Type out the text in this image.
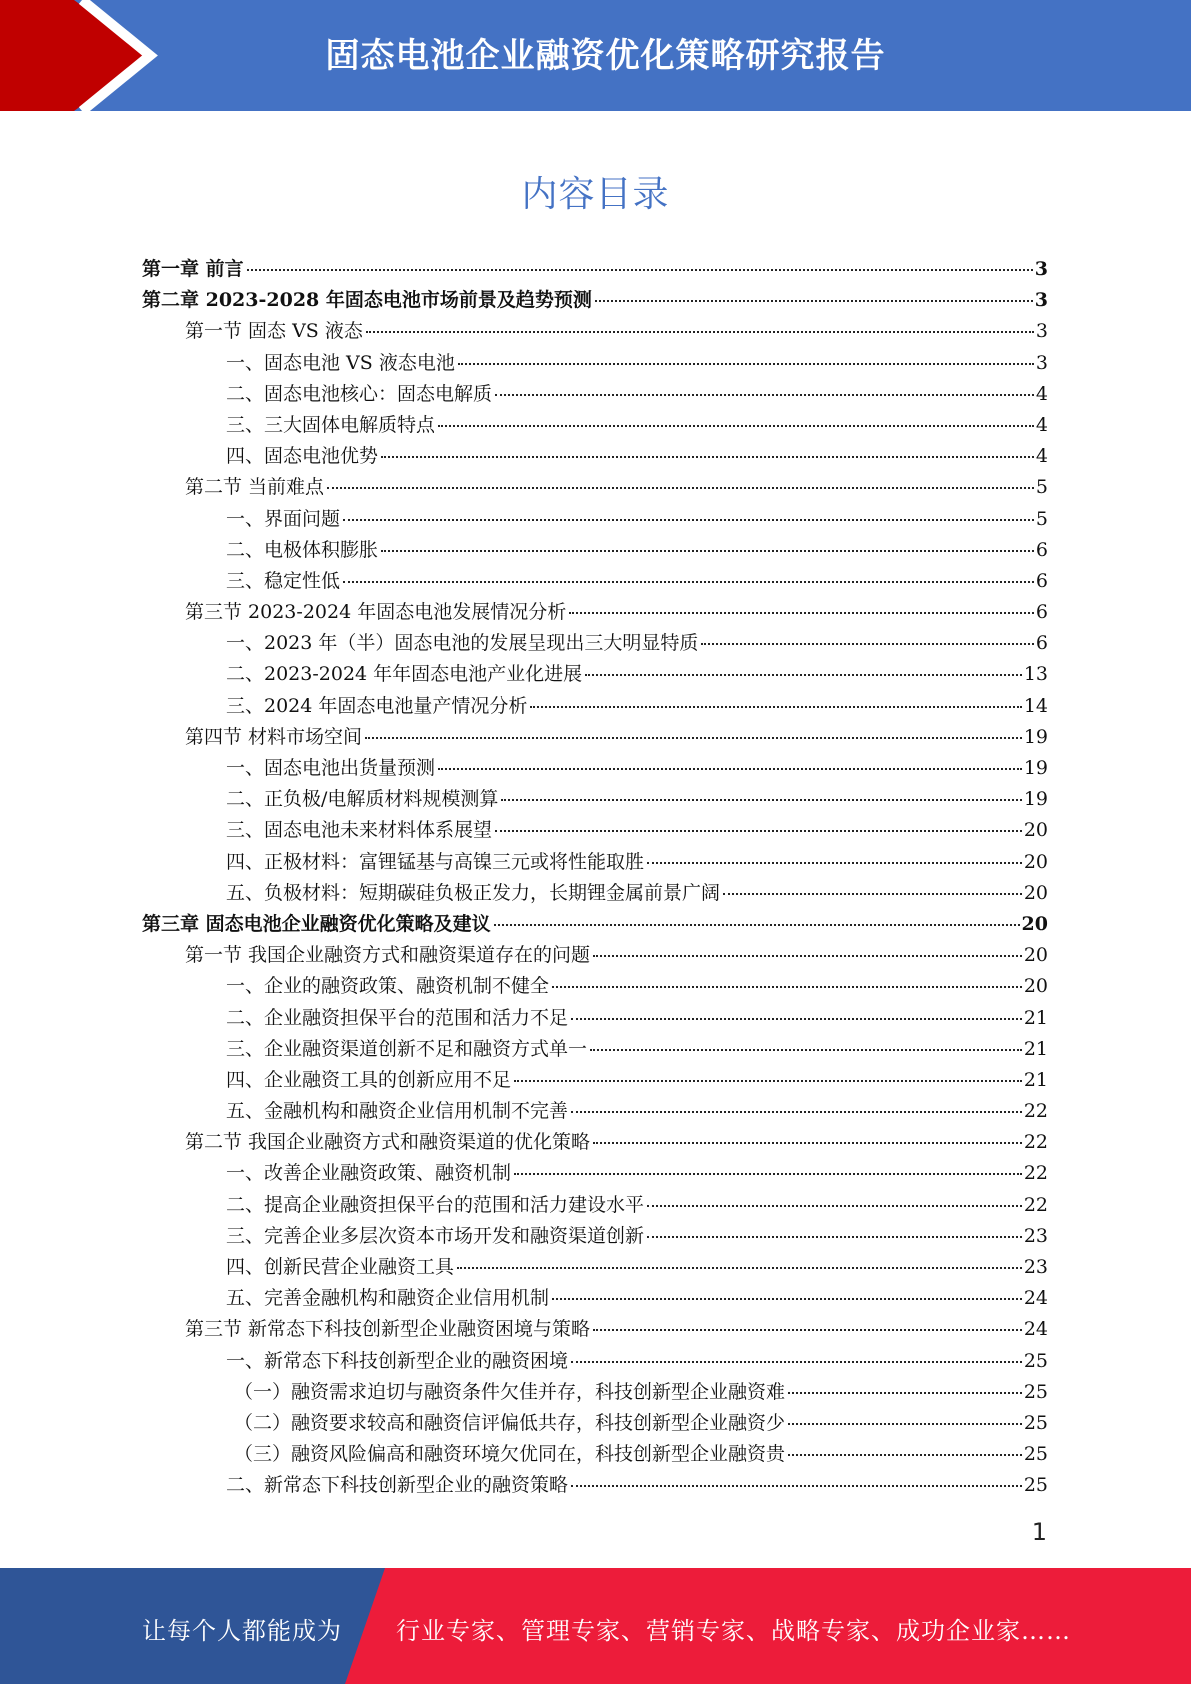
固态电池企业融资优化策略研究报告
内容目录
第一章 前言	3
第二章 2023-2028 年固态电池市场前景及趋势预测	3
第一节 固态 VS 液态	3
一、固态电池 VS 液态电池	3
二、固态电池核心：固态电解质	4
三、三大固体电解质特点	4
四、固态电池优势	4
第二节 当前难点	5
一、界面问题	5
二、电极体积膨胀	6
三、稳定性低	6
第三节 2023-2024 年固态电池发展情况分析	6
一、2023 年（半）固态电池的发展呈现出三大明显特质	6
二、2023-2024 年年固态电池产业化进展	13
三、2024 年固态电池量产情况分析	14
第四节 材料市场空间	19
一、固态电池出货量预测	19
二、正负极/电解质材料规模测算	19
三、固态电池未来材料体系展望	20
四、正极材料：富锂锰基与高镍三元或将性能取胜	20
五、负极材料：短期碳硅负极正发力，长期锂金属前景广阔	20
第三章 固态电池企业融资优化策略及建议	20
第一节 我国企业融资方式和融资渠道存在的问题	20
一、企业的融资政策、融资机制不健全	20
二、企业融资担保平台的范围和活力不足	21
三、企业融资渠道创新不足和融资方式单一	21
四、企业融资工具的创新应用不足	21
五、金融机构和融资企业信用机制不完善	22
第二节 我国企业融资方式和融资渠道的优化策略	22
一、改善企业融资政策、融资机制	22
二、提高企业融资担保平台的范围和活力建设水平	22
三、完善企业多层次资本市场开发和融资渠道创新	23
四、创新民营企业融资工具	23
五、完善金融机构和融资企业信用机制	24
第三节 新常态下科技创新型企业融资困境与策略	24
一、新常态下科技创新型企业的融资困境	25
（一）融资需求迫切与融资条件欠佳并存，科技创新型企业融资难	25
（二）融资要求较高和融资信评偏低共存，科技创新型企业融资少	25
（三）融资风险偏高和融资环境欠优同在，科技创新型企业融资贵	25
二、新常态下科技创新型企业的融资策略	25
1
让每个人都能成为 行业专家、管理专家、营销专家、战略专家、成功企业家……
